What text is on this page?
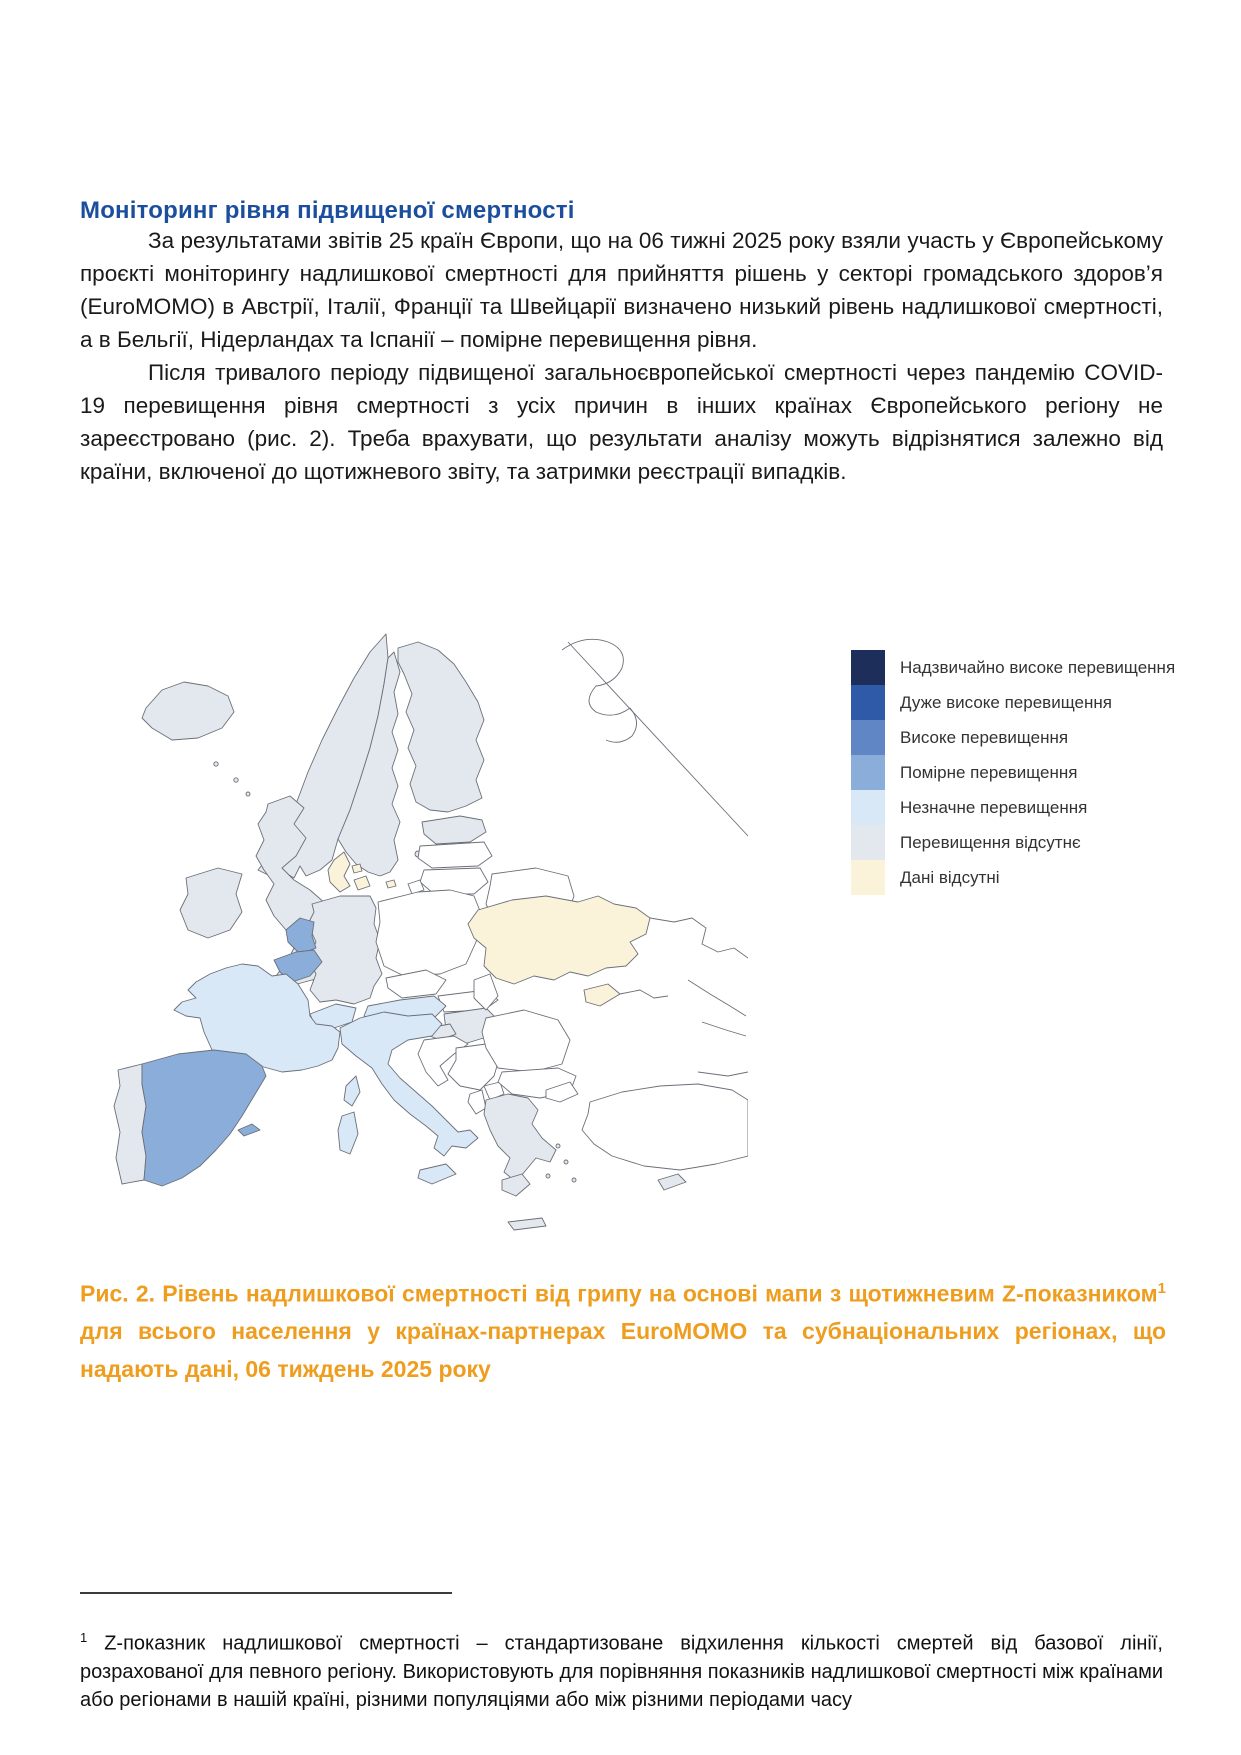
Моніторинг рівня підвищеної смертності

За результатами звітів 25 країн Європи, що на 06 тижні 2025 року взяли участь у Європейському проєкті моніторингу надлишкової смертності для прийняття рішень у секторі громадського здоров’я (EuroMOMO) в Австрії, Італії, Франції та Швейцарії визначено низький рівень надлишкової смертності, а в Бельгії, Нідерландах та Іспанії – помірне перевищення рівня.

Після тривалого періоду підвищеної загальноєвропейської смертності через пандемію COVID-19 перевищення рівня смертності з усіх причин в інших країнах Європейського регіону не зареєстровано (рис. 2). Треба врахувати, що результати аналізу можуть відрізнятися залежно від країни, включеної до щотижневого звіту, та затримки реєстрації випадків.

Надзвичайно високе перевищення
Дуже високе перевищення
Високе перевищення
Помірне перевищення
Незначне перевищення
Перевищення відсутнє
Дані відсутні

Рис. 2. Рівень надлишкової смертності від грипу на основі мапи з щотижневим Z-показником$^1$ для всього населення у країнах-партнерах EuroMOMO та субнаціональних регіонах, що надають дані, 06 тиждень 2025 року

$^1$ Z-показник надлишкової смертності – стандартизоване відхилення кількості смертей від базової лінії, розрахованої для певного регіону. Використовують для порівняння показників надлишкової смертності між країнами або регіонами в нашій країні, різними популяціями або між різними періодами часу
